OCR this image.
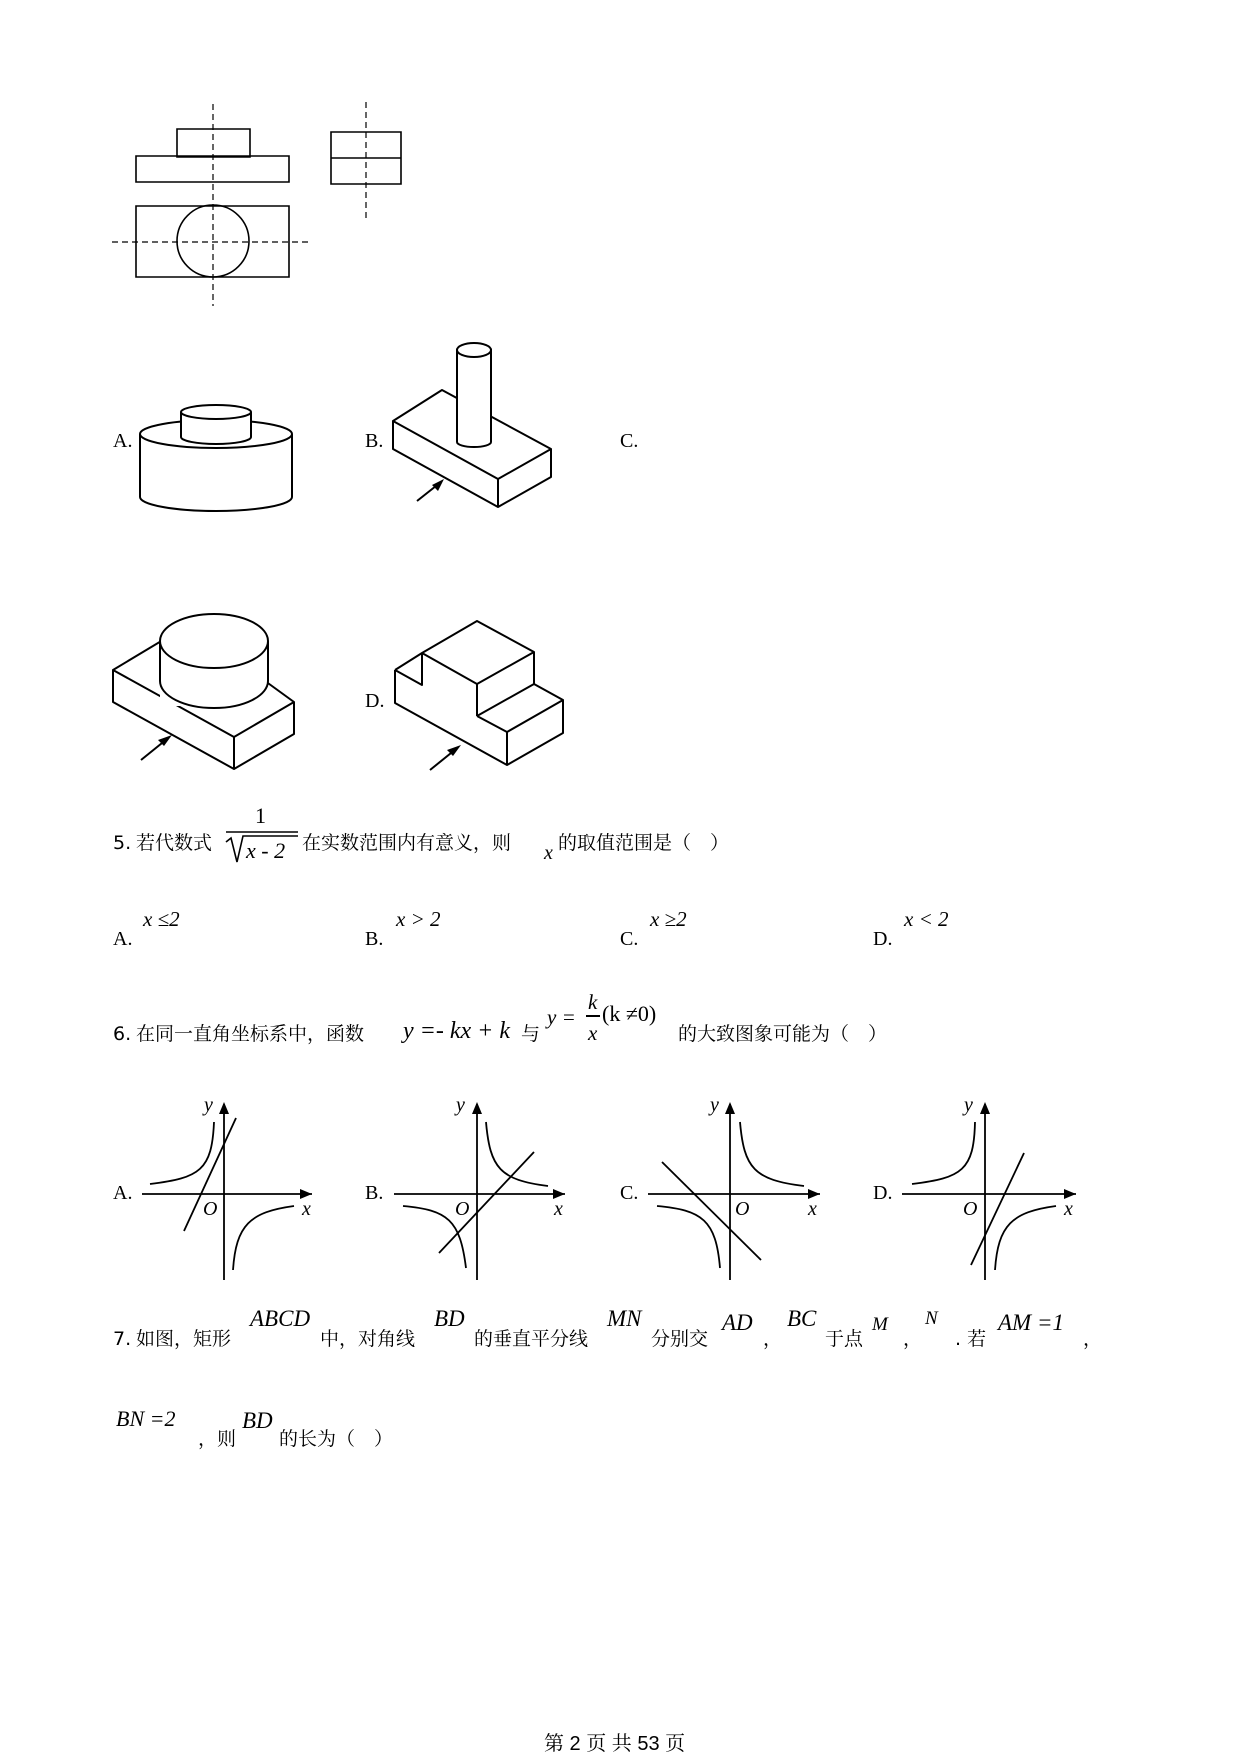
A.	B.	C.
D.
5. 若代数式
1
x - 2 在实数范围内有意义，则 x 的取值范围是（　）
A.
x ≤2
B.
x > 2
C.
x ≥2
D.
x < 2
6. 在同一直角坐标系中，函数 y =- kx + k 与
y =
k
x
(k ≠0)
的大致图象可能为（　）
A.
y
x
O
B.
y
x
O
C.
y
x
O
D.
y
x
O
7. 如图，矩形
ABCD
中，对角线
BD
的垂直平分线
MN
分别交
AD
，
BC
于点
M
，
N
. 若
AM =1
，
BN =2
，则
BD
的长为（　）
第 2 页 共 53 页
